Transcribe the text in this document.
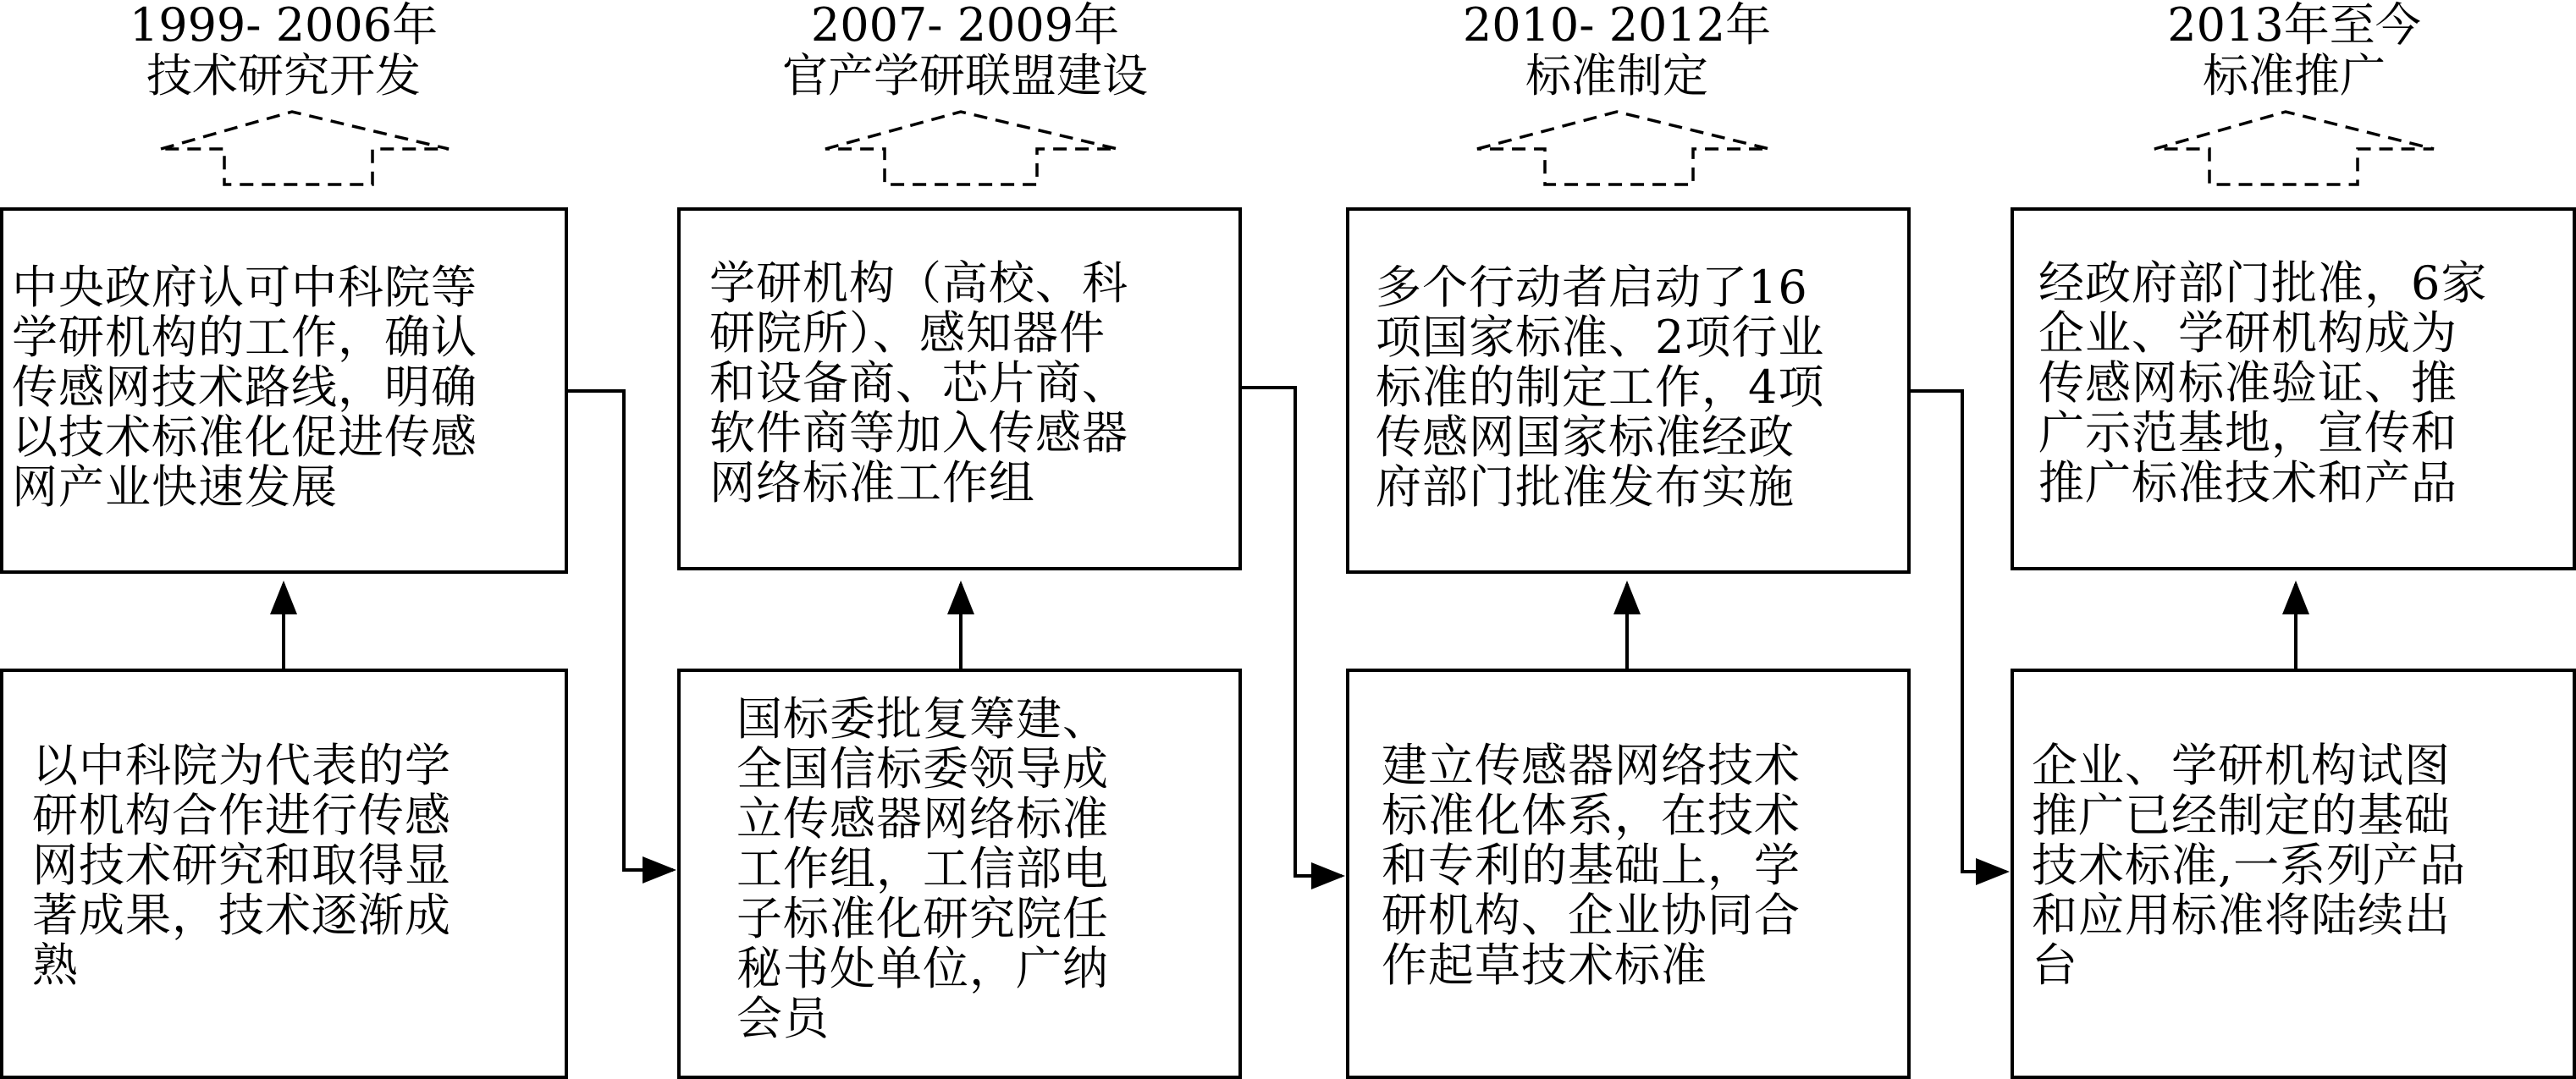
1999- 2006年
技术研究开发
中央政府认可中科院等
学研机构的工作，确认
传感网技术路线，明确
以技术标准化促进传感
网产业快速发展
以中科院为代表的学
研机构合作进行传感
网技术研究和取得显
著成果，技术逐渐成
熟
2007- 2009年
官产学研联盟建设
学研机构（高校、科
研院所）、感知器件
和设备商、芯片商、
软件商等加入传感器
网络标准工作组
国标委批复筹建、
全国信标委领导成
立传感器网络标准
工作组，工信部电
子标准化研究院任
秘书处单位，广纳
会员
2010- 2012年
标准制定
多个行动者启动了16
项国家标准、2项行业
标准的制定工作，4项
传感网国家标准经政
府部门批准发布实施
建立传感器网络技术
标准化体系，在技术
和专利的基础上，学
研机构、企业协同合
作起草技术标准
2013年至今
标准推广
经政府部门批准，6家
企业、学研机构成为
传感网标准验证、推
广示范基地，宣传和
推广标准技术和产品
企业、学研机构试图
推广已经制定的基础
技术标准,一系列产品
和应用标准将陆续出
台
